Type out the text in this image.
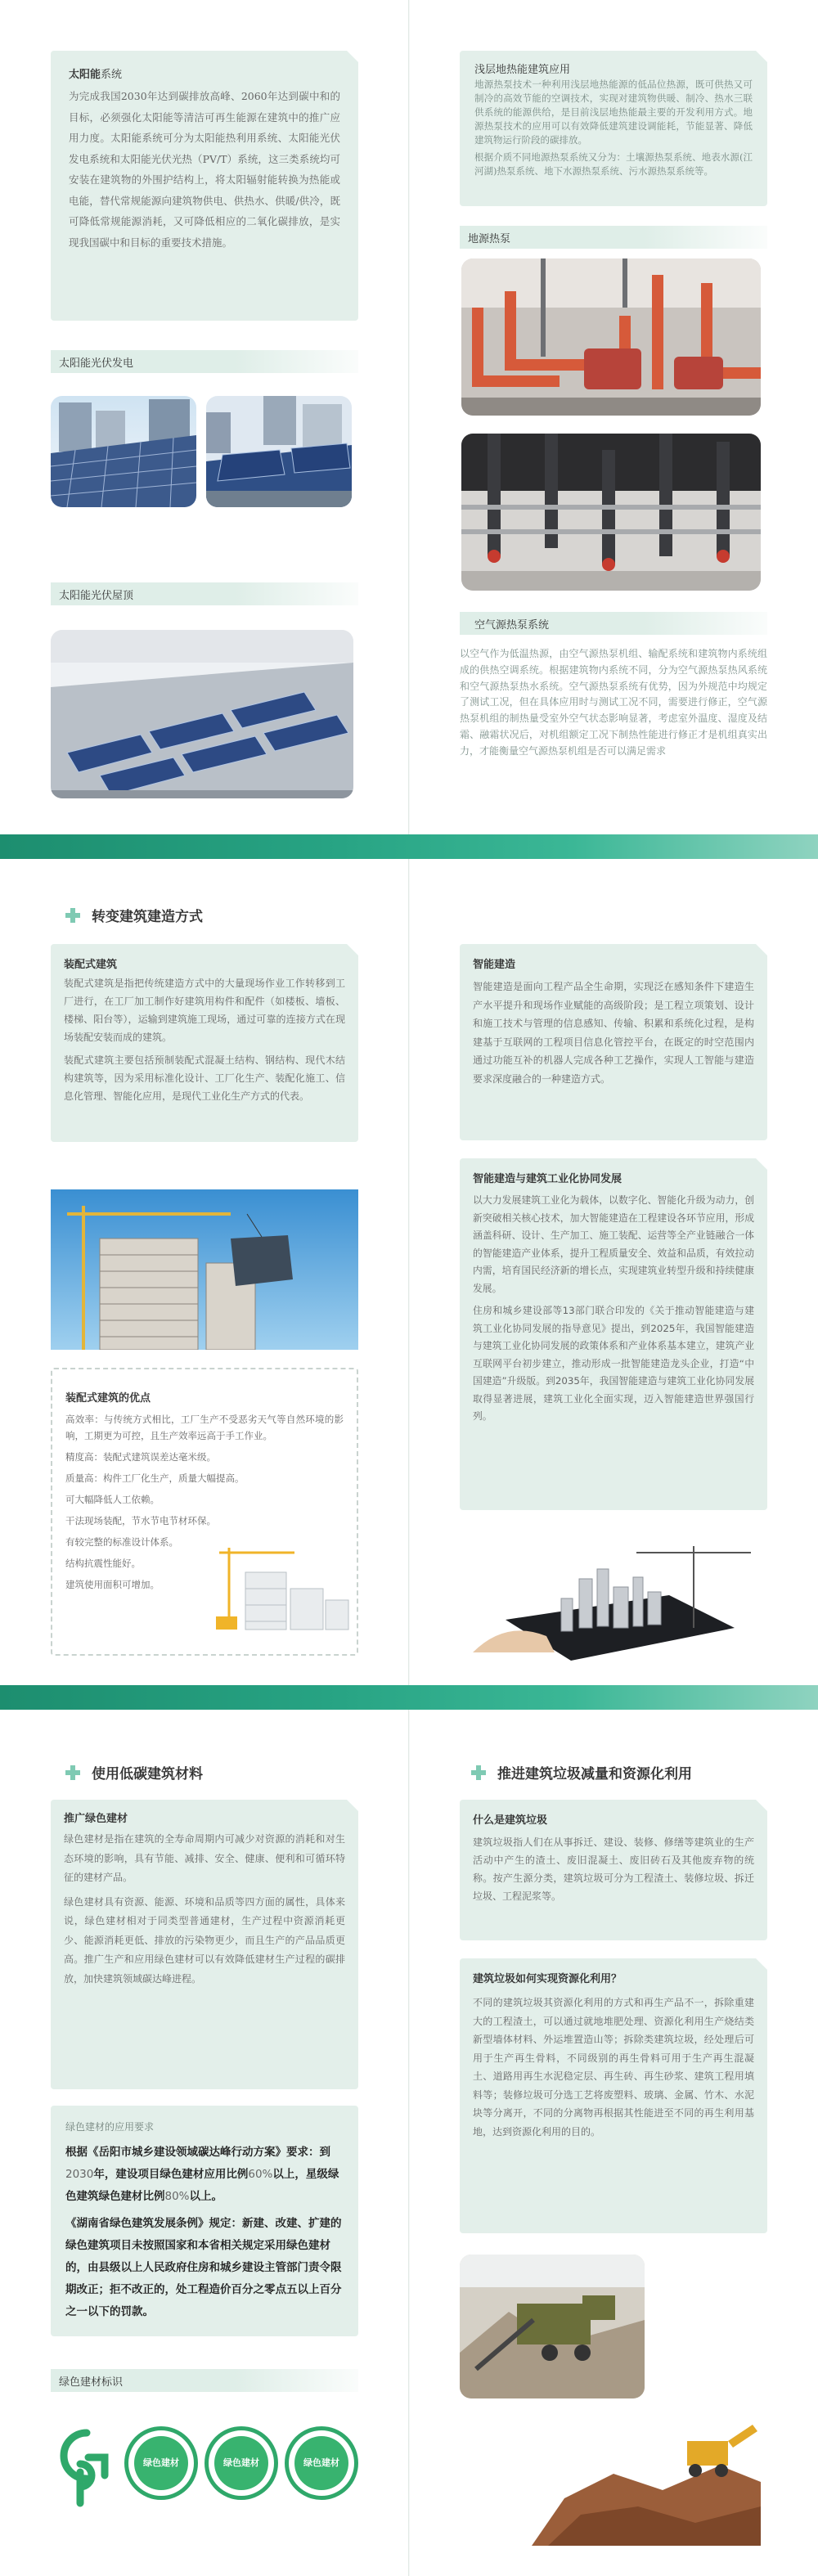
太阳能系统
为完成我国2030年达到碳排放高峰、2060年达到碳中和的目标，必须强化太阳能等清洁可再生能源在建筑中的推广应用力度。太阳能系统可分为太阳能热利用系统、太阳能光伏发电系统和太阳能光伏光热（PV/T）系统，这三类系统均可安装在建筑物的外围护结构上，将太阳辐射能转换为热能或电能，替代常规能源向建筑物供电、供热水、供暖/供冷，既可降低常规能源消耗，又可降低相应的二氧化碳排放，是实现我国碳中和目标的重要技术措施。
太阳能光伏发电
太阳能光伏屋顶
浅层地热能建筑应用

地源热泵技术一种利用浅层地热能源的低品位热源，既可供热又可制冷的高效节能的空调技术，实现对建筑物供暖、制冷、热水三联供系统的能源供给，是目前浅层地热能最主要的开发利用方式。地源热泵技术的应用可以有效降低建筑建设调能耗，节能显著、降低建筑物运行阶段的碳排放。

根据介质不同地源热泵系统又分为：土壤源热泵系统、地表水源(江河湖)热泵系统、地下水源热泵系统、污水源热泵系统等。

地源热泵
空气源热泵系统
以空气作为低温热源，由空气源热泵机组、输配系统和建筑物内系统组成的供热空调系统。根据建筑物内系统不同，分为空气源热泵热风系统和空气源热泵热水系统。空气源热泵系统有优势，因为外规范中均规定了测试工况，但在具体应用时与测试工况不同，需要进行修正，空气源热泵机组的制热量受室外空气状态影响显著，考虑室外温度、湿度及结霜、融霜状况后，对机组额定工况下制热性能进行修正才是机组真实出力，才能衡量空气源热泵机组是否可以满足需求
转变建筑建造方式
装配式建筑

装配式建筑是指把传统建造方式中的大量现场作业工作转移到工厂进行，在工厂加工制作好建筑用构件和配件（如楼板、墙板、楼梯、阳台等），运输到建筑施工现场，通过可靠的连接方式在现场装配安装而成的建筑。

装配式建筑主要包括预制装配式混凝土结构、钢结构、现代木结构建筑等，因为采用标准化设计、工厂化生产、装配化施工、信息化管理、智能化应用，是现代工业化生产方式的代表。

装配式建筑的优点

高效率：与传统方式相比，工厂生产不受恶劣天气等自然环境的影响，工期更为可控，且生产效率远高于手工作业。

精度高：装配式建筑误差达毫米级。

质量高：构件工厂化生产，质量大幅提高。

可大幅降低人工依赖。

干法现场装配，节水节电节材环保。

有较完整的标准设计体系。

结构抗震性能好。

建筑使用面积可增加。

智能建造
智能建造是面向工程产品全生命期，实现泛在感知条件下建造生产水平提升和现场作业赋能的高级阶段；是工程立项策划、设计和施工技术与管理的信息感知、传输、积累和系统化过程，是构建基于互联网的工程项目信息化管控平台，在既定的时空范围内通过功能互补的机器人完成各种工艺操作，实现人工智能与建造要求深度融合的一种建造方式。
智能建造与建筑工业化协同发展

以大力发展建筑工业化为载体，以数字化、智能化升级为动力，创新突破相关核心技术，加大智能建造在工程建设各环节应用，形成涵盖科研、设计、生产加工、施工装配、运营等全产业链融合一体的智能建造产业体系，提升工程质量安全、效益和品质，有效拉动内需，培育国民经济新的增长点，实现建筑业转型升级和持续健康发展。

住房和城乡建设部等13部门联合印发的《关于推动智能建造与建筑工业化协同发展的指导意见》提出，到2025年，我国智能建造与建筑工业化协同发展的政策体系和产业体系基本建立，建筑产业互联网平台初步建立，推动形成一批智能建造龙头企业，打造“中国建造”升级版。到2035年，我国智能建造与建筑工业化协同发展取得显著进展，建筑工业化全面实现，迈入智能建造世界强国行列。

使用低碳建筑材料	推进建筑垃圾减量和资源化利用
推广绿色建材

绿色建材是指在建筑的全寿命周期内可减少对资源的消耗和对生态环境的影响，具有节能、减排、安全、健康、便利和可循环特征的建材产品。

绿色建材具有资源、能源、环境和品质等四方面的属性，具体来说，绿色建材相对于同类型普通建材，生产过程中资源消耗更少、能源消耗更低、排放的污染物更少，而且生产的产品品质更高。推广生产和应用绿色建材可以有效降低建材生产过程的碳排放，加快建筑领域碳达峰进程。

绿色建材的应用要求

根据《岳阳市城乡建设领域碳达峰行动方案》要求：到2030年，建设项目绿色建材应用比例60%以上，星级绿色建筑绿色建材比例80%以上。

《湖南省绿色建筑发展条例》规定：新建、改建、扩建的绿色建筑项目未按照国家和本省相关规定采用绿色建材的，由县级以上人民政府住房和城乡建设主管部门责令限期改正；拒不改正的，处工程造价百分之零点五以上百分之一以下的罚款。

绿色建材标识
绿色建材	绿色建材	绿色建材
什么是建筑垃圾
建筑垃圾指人们在从事拆迁、建设、装修、修缮等建筑业的生产活动中产生的渣土、废旧混凝土、废旧砖石及其他废弃物的统称。按产生源分类，建筑垃圾可分为工程渣土、装修垃圾、拆迁垃圾、工程泥浆等。
建筑垃圾如何实现资源化利用？
不同的建筑垃圾其资源化利用的方式和再生产品不一，拆除重建大的工程渣土，可以通过就地堆肥处理、资源化利用生产烧结类新型墙体材料、外运堆置造山等；拆除类建筑垃圾，经处理后可用于生产再生骨料，不同级别的再生骨料可用于生产再生混凝土、道路用再生水泥稳定层、再生砖、再生砂浆、建筑工程用填料等；装修垃圾可分选工艺将废塑料、玻璃、金属、竹木、水泥块等分离开，不同的分离物再根据其性能进至不同的再生利用基地，达到资源化利用的目的。
